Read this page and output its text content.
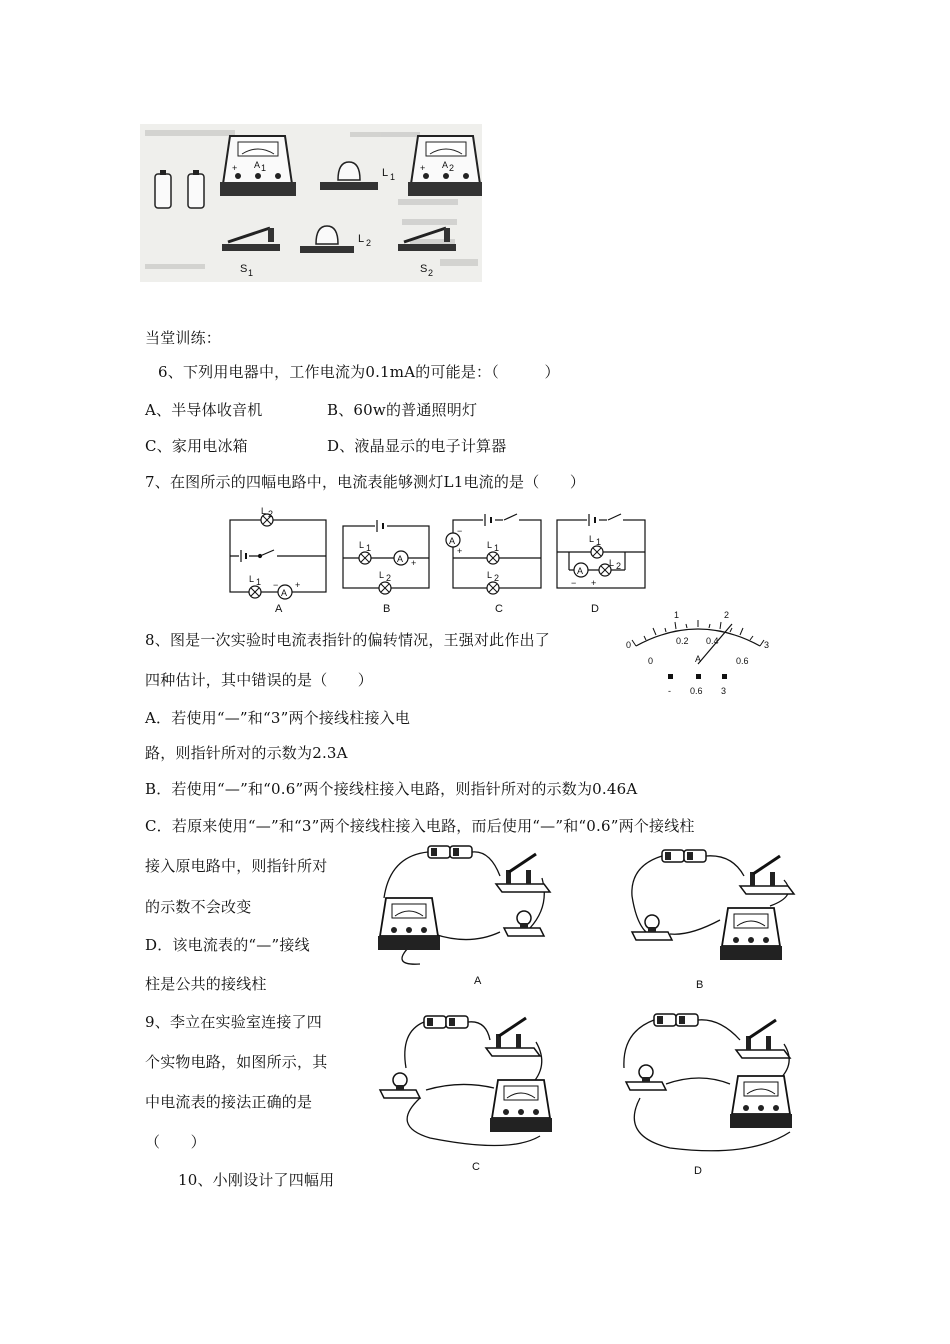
+ A 1	L 1
+ A 2
S 1
L 2
S 2
当堂训练：
6、下列用电器中，工作电流为0.1mA的可能是：（　　　）
A、半导体收音机	B、60w的普通照明灯
C、家用电冰箱	D、液晶显示的电子计算器
7、在图所示的四幅电路中，电流表能够测灯L1电流的是（　　）
A
L 2
L 1 − +
A
A +
L 1
L 2
B
A
−
+
L 1
L 2
C
A
− +
L 1
L 2
D
8、图是一次实验时电流表指针的偏转情况，王强对此作出了
四种估计，其中错误的是（　　）
A．若使用“—”和“3”两个接线柱接入电
路，则指针所对的示数为2.3A
B．若使用“—”和“0.6”两个接线柱接入电路，则指针所对的示数为0.46A
C．若原来使用“—”和“3”两个接线柱接入电路，而后使用“—”和“0.6”两个接线柱
接入原电路中，则指针所对
的示数不会改变
D．该电流表的“—”接线
柱是公共的接线柱
0
1	2
3
0
0.2 0.4
0.6
A
- 0.6 3
9、李立在实验室连接了四
个实物电路，如图所示，其
中电流表的接法正确的是
（　　）
10、小刚设计了四幅用
A	B
C	D
